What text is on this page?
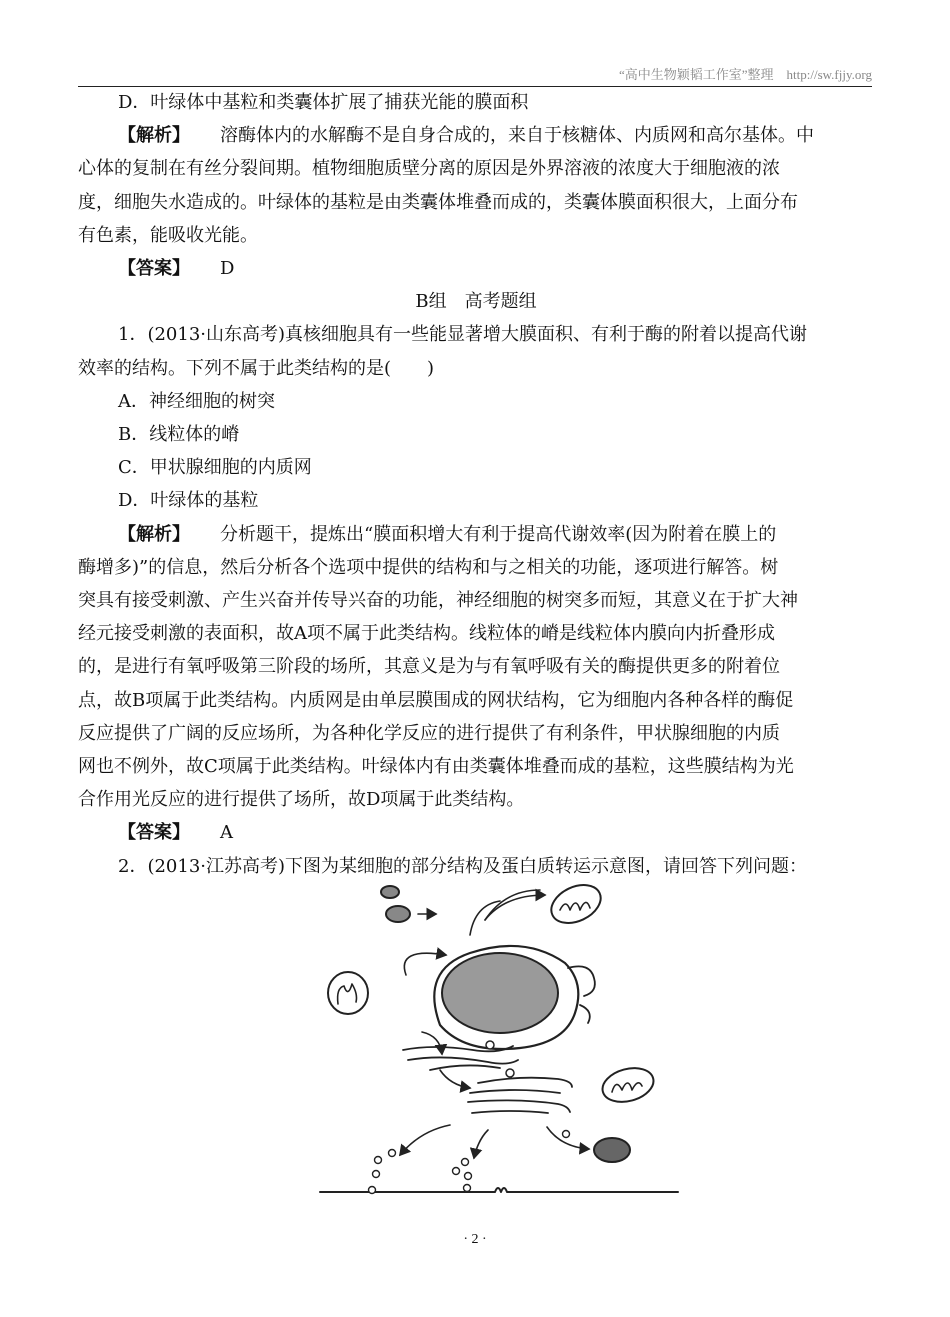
“高中生物颖韬工作室”整理　http://sw.fjjy.org
D．叶绿体中基粒和类囊体扩展了捕获光能的膜面积
【解析】 溶酶体内的水解酶不是自身合成的，来自于核糖体、内质网和高尔基体。中
心体的复制在有丝分裂间期。植物细胞质壁分离的原因是外界溶液的浓度大于细胞液的浓
度，细胞失水造成的。叶绿体的基粒是由类囊体堆叠而成的，类囊体膜面积很大，上面分布
有色素，能吸收光能。
【答案】 D
B组　高考题组
1．(2013·山东高考)真核细胞具有一些能显著增大膜面积、有利于酶的附着以提高代谢
效率的结构。下列不属于此类结构的是(　　)
A．神经细胞的树突
B．线粒体的嵴
C．甲状腺细胞的内质网
D．叶绿体的基粒
【解析】 分析题干，提炼出“膜面积增大有利于提高代谢效率(因为附着在膜上的
酶增多)”的信息，然后分析各个选项中提供的结构和与之相关的功能，逐项进行解答。树
突具有接受刺激、产生兴奋并传导兴奋的功能，神经细胞的树突多而短，其意义在于扩大神
经元接受刺激的表面积，故A项不属于此类结构。线粒体的嵴是线粒体内膜向内折叠形成
的，是进行有氧呼吸第三阶段的场所，其意义是为与有氧呼吸有关的酶提供更多的附着位
点，故B项属于此类结构。内质网是由单层膜围成的网状结构，它为细胞内各种各样的酶促
反应提供了广阔的反应场所，为各种化学反应的进行提供了有利条件，甲状腺细胞的内质
网也不例外，故C项属于此类结构。叶绿体内有由类囊体堆叠而成的基粒，这些膜结构为光
合作用光反应的进行提供了场所，故D项属于此类结构。
【答案】 A
2．(2013·江苏高考)下图为某细胞的部分结构及蛋白质转运示意图，请回答下列问题：
· 2 ·
